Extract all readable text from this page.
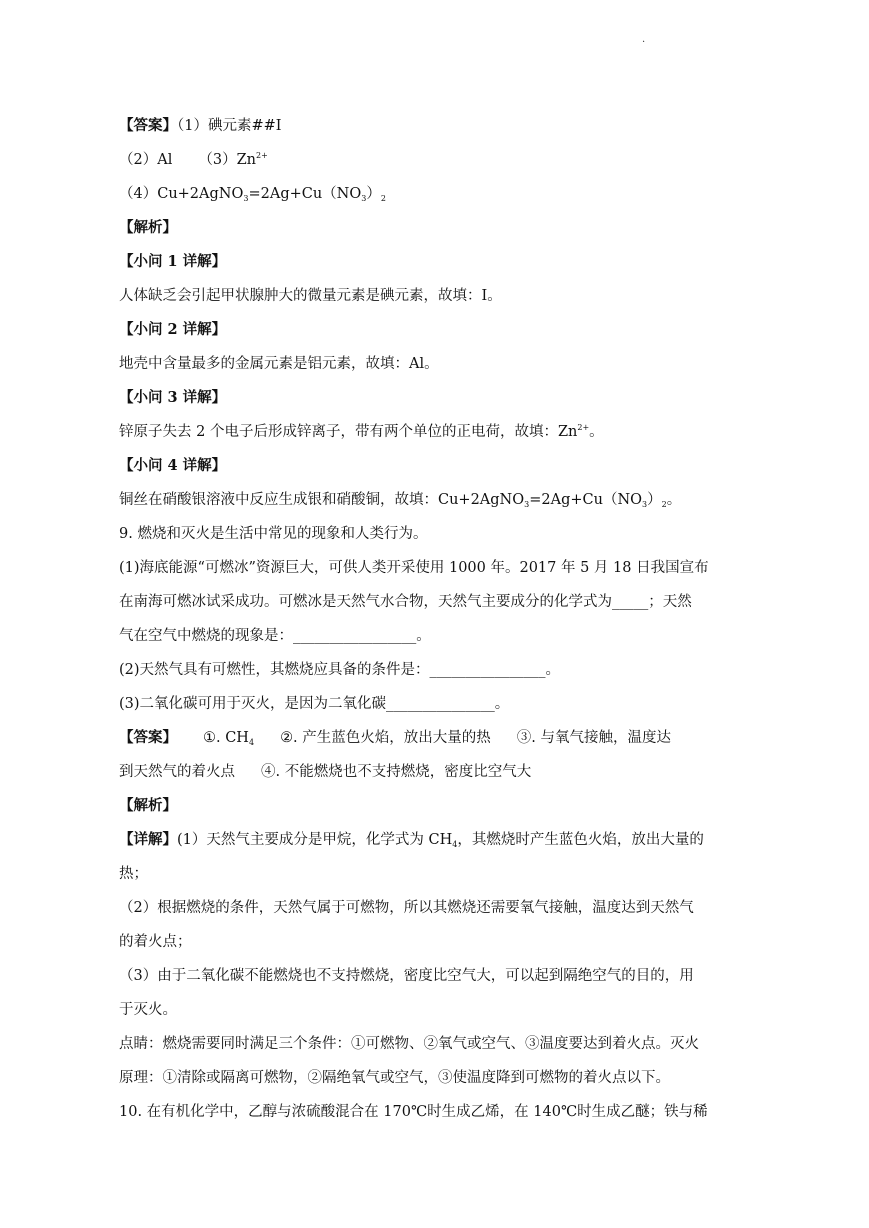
.
【答案】（1）碘元素##I
（2）Al $(3)Zn^{2+}$
$(4)Cu+2AgNO_3=2Ag+Cu(NO_3)_2$
【解析】
【小问 1 详解】
人体缺乏会引起甲状腺肿大的微量元素是碘元素，故填：I。
【小问 2 详解】
地壳中含量最多的金属元素是铝元素，故填：Al。
【小问 3 详解】
锌原子失去 2 个电子后形成锌离子，带有两个单位的正电荷，故填：$Zn^{2+}$。
【小问 4 详解】
铜丝在硝酸银溶液中反应生成银和硝酸铜，故填：$Cu+2AgNO_3=2Ag+Cu(NO_3)_2$。
9. 燃烧和灭火是生活中常见的现象和人类行为。
(1)海底能源“可燃冰”资源巨大，可供人类开采使用 1000 年。2017 年 5 月 18 日我国宣布
在南海可燃冰试采成功。可燃冰是天然气水合物，天然气主要成分的化学式为_____；天然
气在空气中燃烧的现象是：_________________。
(2)天然气具有可燃性，其燃烧应具备的条件是：________________。
(3)二氧化碳可用于灭火，是因为二氧化碳_______________。
【答案】 ①. $CH_4$ ②. 产生蓝色火焰，放出大量的热 ③. 与氧气接触，温度达
到天然气的着火点 ④. 不能燃烧也不支持燃烧，密度比空气大
【解析】
【详解】(1）天然气主要成分是甲烷，化学式为 $CH_4$，其燃烧时产生蓝色火焰，放出大量的
热；
（2）根据燃烧的条件，天然气属于可燃物，所以其燃烧还需要氧气接触，温度达到天然气
的着火点；
（3）由于二氧化碳不能燃烧也不支持燃烧，密度比空气大，可以起到隔绝空气的目的，用
于灭火。
点睛：燃烧需要同时满足三个条件：①可燃物、②氧气或空气、③温度要达到着火点。灭火
原理：①清除或隔离可燃物，②隔绝氧气或空气，③使温度降到可燃物的着火点以下。
10. 在有机化学中，乙醇与浓硫酸混合在 170℃时生成乙烯，在 140℃时生成乙醚；铁与稀
